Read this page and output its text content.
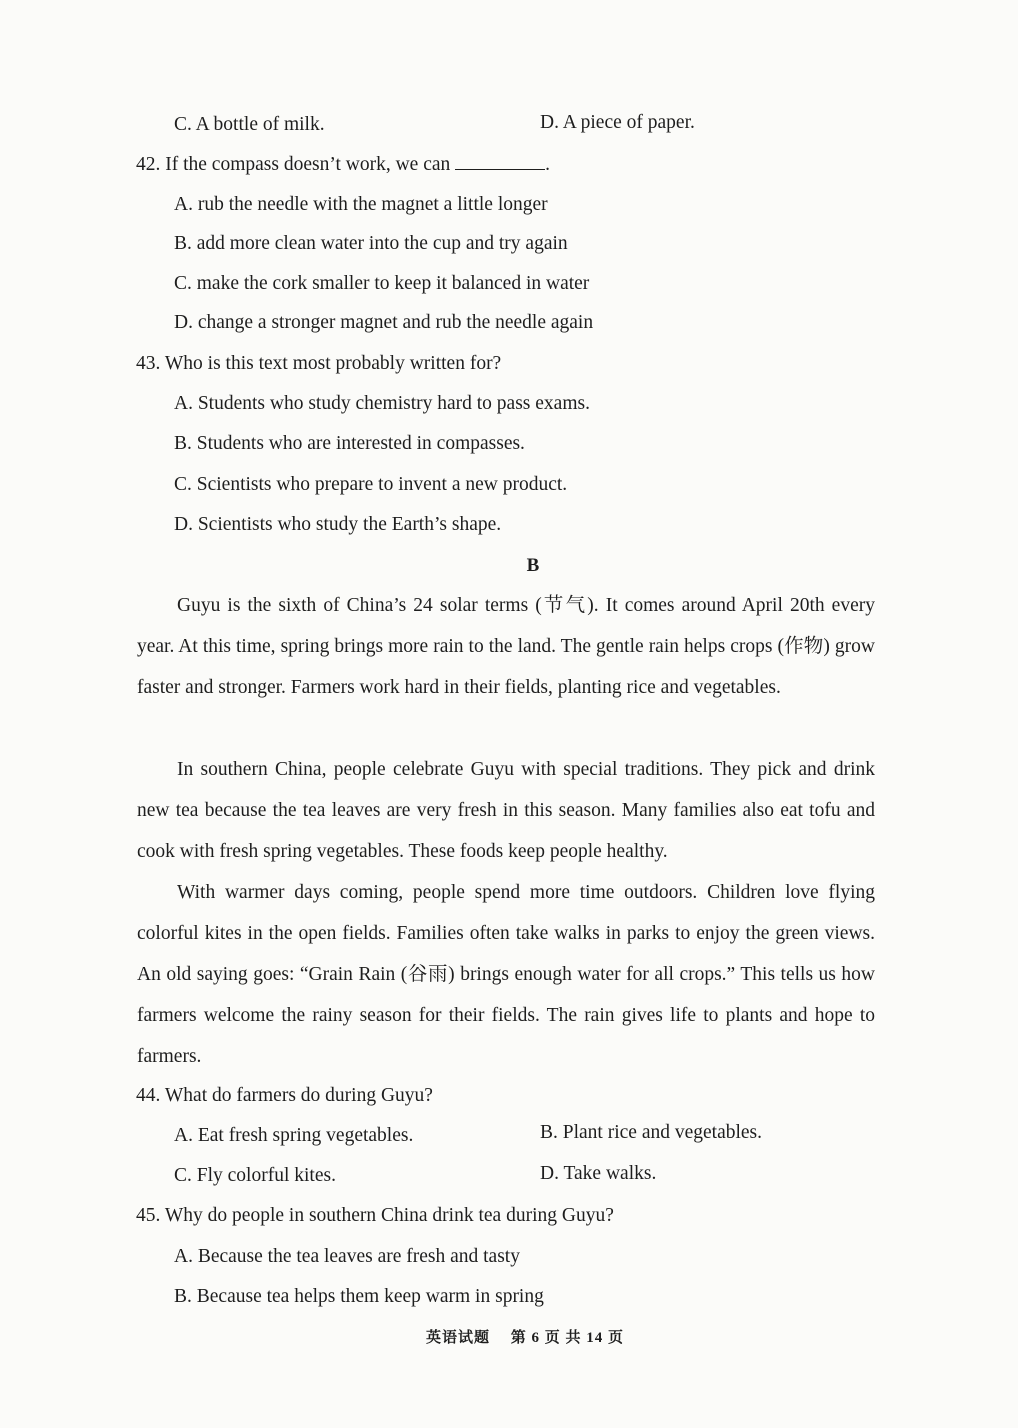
C. A bottle of milk.	D. A piece of paper.
42. If the compass doesn’t work, we can	.
A. rub the needle with the magnet a little longer
B. add more clean water into the cup and try again
C. make the cork smaller to keep it balanced in water
D. change a stronger magnet and rub the needle again
43. Who is this text most probably written for?
A. Students who study chemistry hard to pass exams.
B. Students who are interested in compasses.
C. Scientists who prepare to invent a new product.
D. Scientists who study the Earth’s shape.
B
Guyu is the sixth of China’s 24 solar terms (节气). It comes around April 20th every year. At this time, spring brings more rain to the land. The gentle rain helps crops (作物) grow faster and stronger. Farmers work hard in their fields, planting rice and vegetables.
In southern China, people celebrate Guyu with special traditions. They pick and drink new tea because the tea leaves are very fresh in this season. Many families also eat tofu and cook with fresh spring vegetables. These foods keep people healthy.
With warmer days coming, people spend more time outdoors. Children love flying colorful kites in the open fields. Families often take walks in parks to enjoy the green views. An old saying goes: “Grain Rain (谷雨) brings enough water for all crops.” This tells us how farmers welcome the rainy season for their fields. The rain gives life to plants and hope to farmers.
44. What do farmers do during Guyu?
A. Eat fresh spring vegetables.	B. Plant rice and vegetables.
C. Fly colorful kites.	D. Take walks.
45. Why do people in southern China drink tea during Guyu?
A. Because the tea leaves are fresh and tasty
B. Because tea helps them keep warm in spring
英语试题 第 6 页 共 14 页
